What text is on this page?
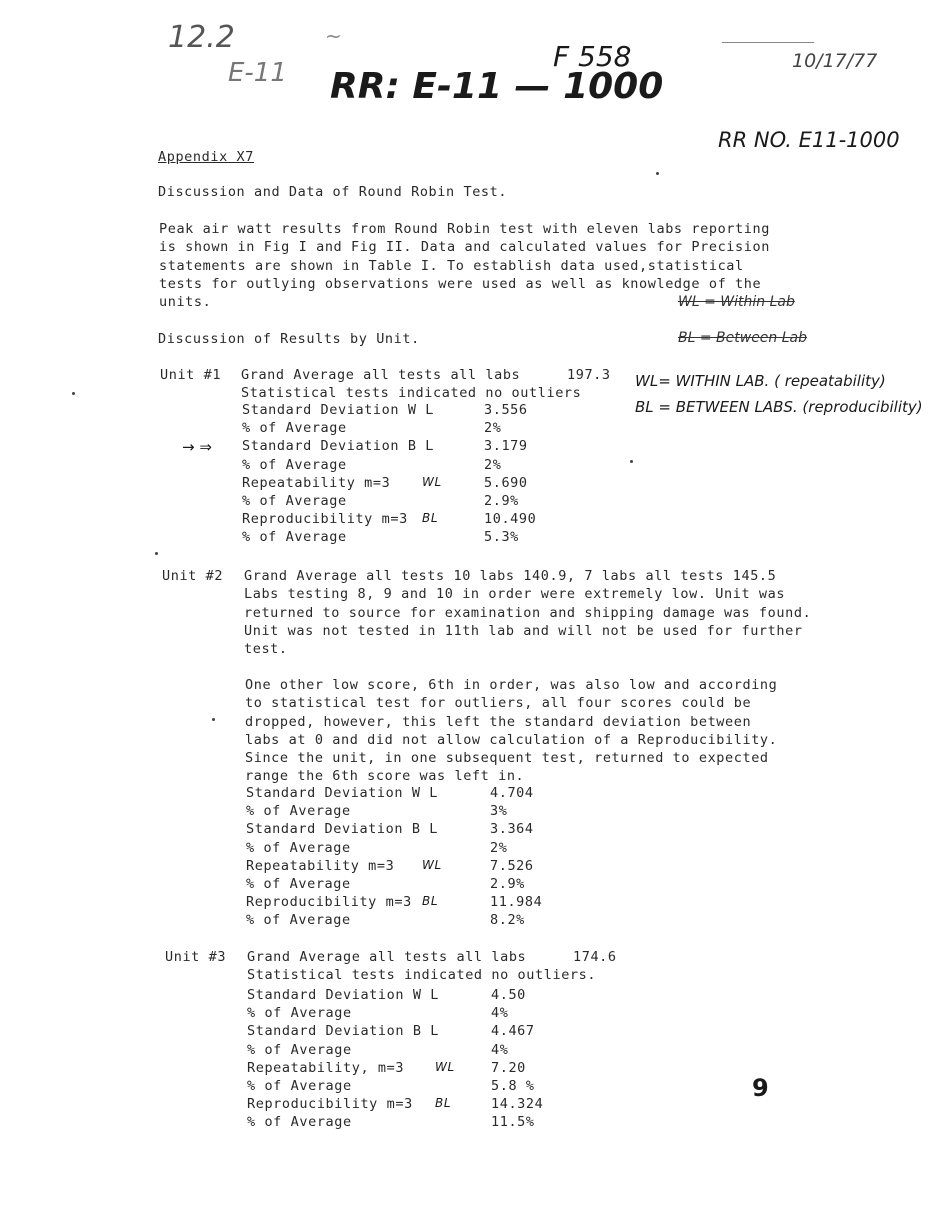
12.2
E-11
~
RR: E-11 — 1000
F 558	10/17/77
RR NO. E11-1000
Appendix X7
Discussion and Data of Round Robin Test.
Peak air watt results from Round Robin test with eleven labs reporting
is shown in Fig I and Fig II. Data and calculated values for Precision
statements are shown in Table I. To establish data used,statistical
tests for outlying observations were used as well as knowledge of the
units.	WL = Within Lab
BL = Between Lab
WL= WITHIN LAB. ( repeatability)
BL = BETWEEN LABS. (reproducibility)
Discussion of Results by Unit.
Unit #1 Grand Average all tests all labs	197.3
Statistical tests indicated no outliers
→ ⇒
Standard Deviation W L	3.556
% of Average	2%
Standard Deviation B L	3.179
% of Average	2%
Repeatability m=3	5.690
WL
% of Average	2.9%
Reproducibility m=3	10.490
BL
% of Average	5.3%
Unit #2 Grand Average all tests 10 labs 140.9, 7 labs all tests 145.5
Labs testing 8, 9 and 10 in order were extremely low. Unit was
returned to source for examination and shipping damage was found.
Unit was not tested in 11th lab and will not be used for further
test.
One other low score, 6th in order, was also low and according
to statistical test for outliers, all four scores could be
dropped, however, this left the standard deviation between
labs at 0 and did not allow calculation of a Reproducibility.
Since the unit, in one subsequent test, returned to expected
range the 6th score was left in.
Standard Deviation W L	4.704
% of Average	3%
Standard Deviation B L	3.364
% of Average	2%
Repeatability m=3	7.526
WL
% of Average	2.9%
Reproducibility m=3	11.984
BL
% of Average	8.2%
Unit #3 Grand Average all tests all labs	174.6
Statistical tests indicated no outliers.
Standard Deviation W L	4.50
% of Average	4%
Standard Deviation B L	4.467
% of Average	4%
Repeatability, m=3	7.20
WL
% of Average	5.8 %
Reproducibility m=3	14.324
BL
% of Average	11.5%
9
